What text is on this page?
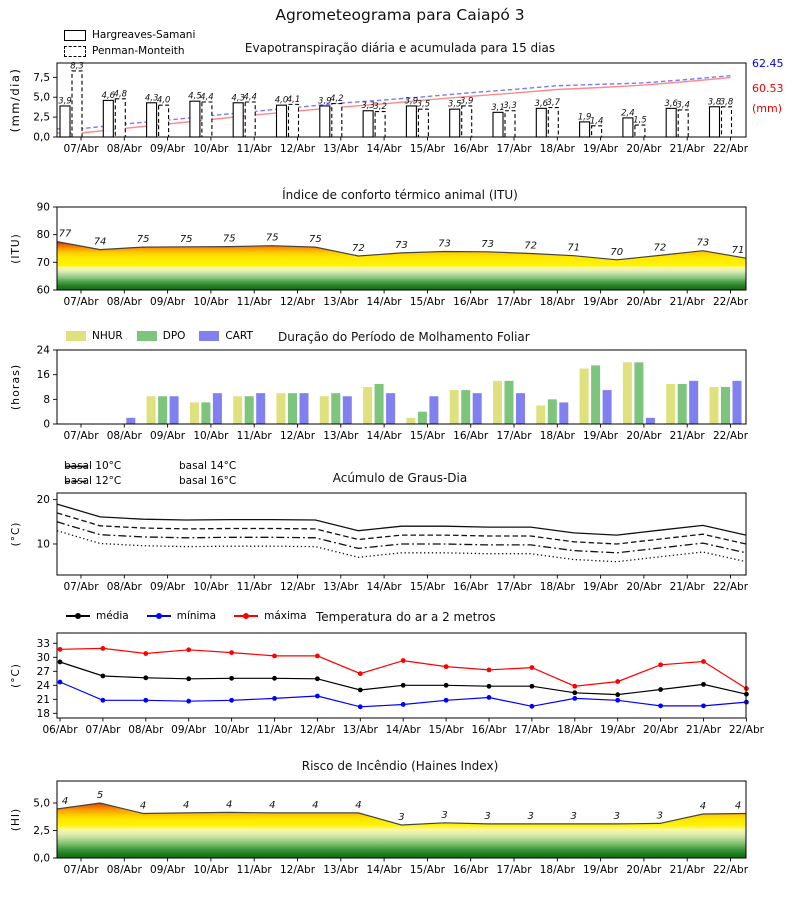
Agrometeograma para Caiapó 3
Hargreaves-Samani
Penman-Monteith	Evapotranspiração diária e acumulada para 15 dias
3,9
8,3
4,6
4,8 4,3
4,0 4,5
4,4 4,3
4,4 4,0
4,1 3,9
4,2
3,3
3,2
3,9
3,5 3,5
3,9
3,1
3,3 3,6
3,7
1,9
1,4
2,4
1,5
3,6
3,4 3,8
3,8
0,0
2,5
5,0
7,5
07/Abr 08/Abr 09/Abr 10/Abr 11/Abr 12/Abr 13/Abr 14/Abr 15/Abr 16/Abr 17/Abr 18/Abr 19/Abr 20/Abr 21/Abr 22/Abr
(mm/dia)
62.45
60.53
(mm)
Índice de conforto térmico animal (ITU)
77
74	75	75	75	75	75
72	73	73	73	72	71	70	72	73
71
60
70
80
90
07/Abr 08/Abr 09/Abr 10/Abr 11/Abr 12/Abr 13/Abr 14/Abr 15/Abr 16/Abr 17/Abr 18/Abr 19/Abr 20/Abr 21/Abr 22/Abr
(ITU)
NHUR	DPO	CART Duração do Período de Molhamento Foliar
0
8
16
24
07/Abr 08/Abr 09/Abr 10/Abr 11/Abr 12/Abr 13/Abr 14/Abr 15/Abr 16/Abr 17/Abr 18/Abr 19/Abr 20/Abr 21/Abr 22/Abr
(horas)
basal 10°C	basal 14°C
basal 12°C	basal 16°C	Acúmulo de Graus-Dia
10
20
07/Abr 08/Abr 09/Abr 10/Abr 11/Abr 12/Abr 13/Abr 14/Abr 15/Abr 16/Abr 17/Abr 18/Abr 19/Abr 20/Abr 21/Abr 22/Abr
(°C)
média	mínima	máxima Temperatura do ar a 2 metros
18
21
24
27
30
33
06/Abr 07/Abr 08/Abr 09/Abr 10/Abr 11/Abr 12/Abr 13/Abr 14/Abr 15/Abr 16/Abr 17/Abr 18/Abr 19/Abr 20/Abr 21/Abr 22/Abr
(°C)
Risco de Incêndio (Haines Index)
4
5
4	4	4	4	4	4
3	3	3	3	3	3	3
4	4
0,0
2,5
5,0
07/Abr 08/Abr 09/Abr 10/Abr 11/Abr 12/Abr 13/Abr 14/Abr 15/Abr 16/Abr 17/Abr 18/Abr 19/Abr 20/Abr 21/Abr 22/Abr
(HI)
